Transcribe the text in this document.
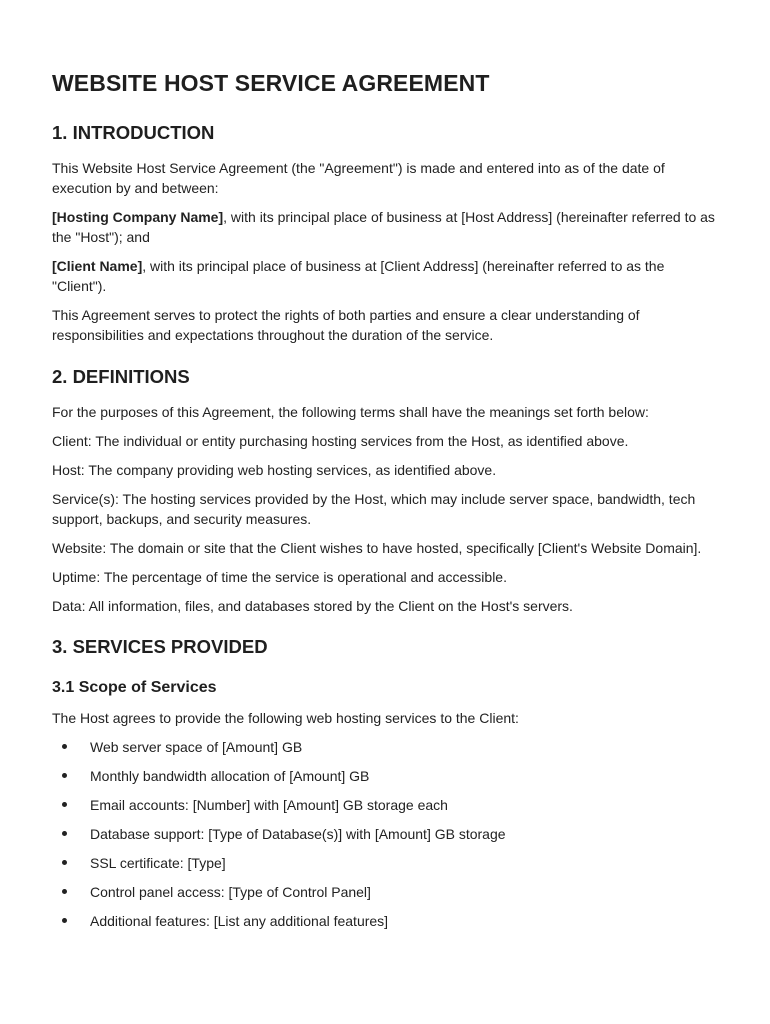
WEBSITE HOST SERVICE AGREEMENT
1. INTRODUCTION

This Website Host Service Agreement (the "Agreement") is made and entered into as of the date of execution by and between:

[Hosting Company Name], with its principal place of business at [Host Address] (hereinafter referred to as the "Host"); and

[Client Name], with its principal place of business at [Client Address] (hereinafter referred to as the "Client").

This Agreement serves to protect the rights of both parties and ensure a clear understanding of responsibilities and expectations throughout the duration of the service.

2. DEFINITIONS

For the purposes of this Agreement, the following terms shall have the meanings set forth below:

Client: The individual or entity purchasing hosting services from the Host, as identified above.

Host: The company providing web hosting services, as identified above.

Service(s): The hosting services provided by the Host, which may include server space, bandwidth, tech support, backups, and security measures.

Website: The domain or site that the Client wishes to have hosted, specifically [Client's Website Domain].

Uptime: The percentage of time the service is operational and accessible.

Data: All information, files, and databases stored by the Client on the Host's servers.

3. SERVICES PROVIDED
3.1 Scope of Services

The Host agrees to provide the following web hosting services to the Client:

Web server space of [Amount] GB
Monthly bandwidth allocation of [Amount] GB
Email accounts: [Number] with [Amount] GB storage each
Database support: [Type of Database(s)] with [Amount] GB storage
SSL certificate: [Type]
Control panel access: [Type of Control Panel]
Additional features: [List any additional features]
